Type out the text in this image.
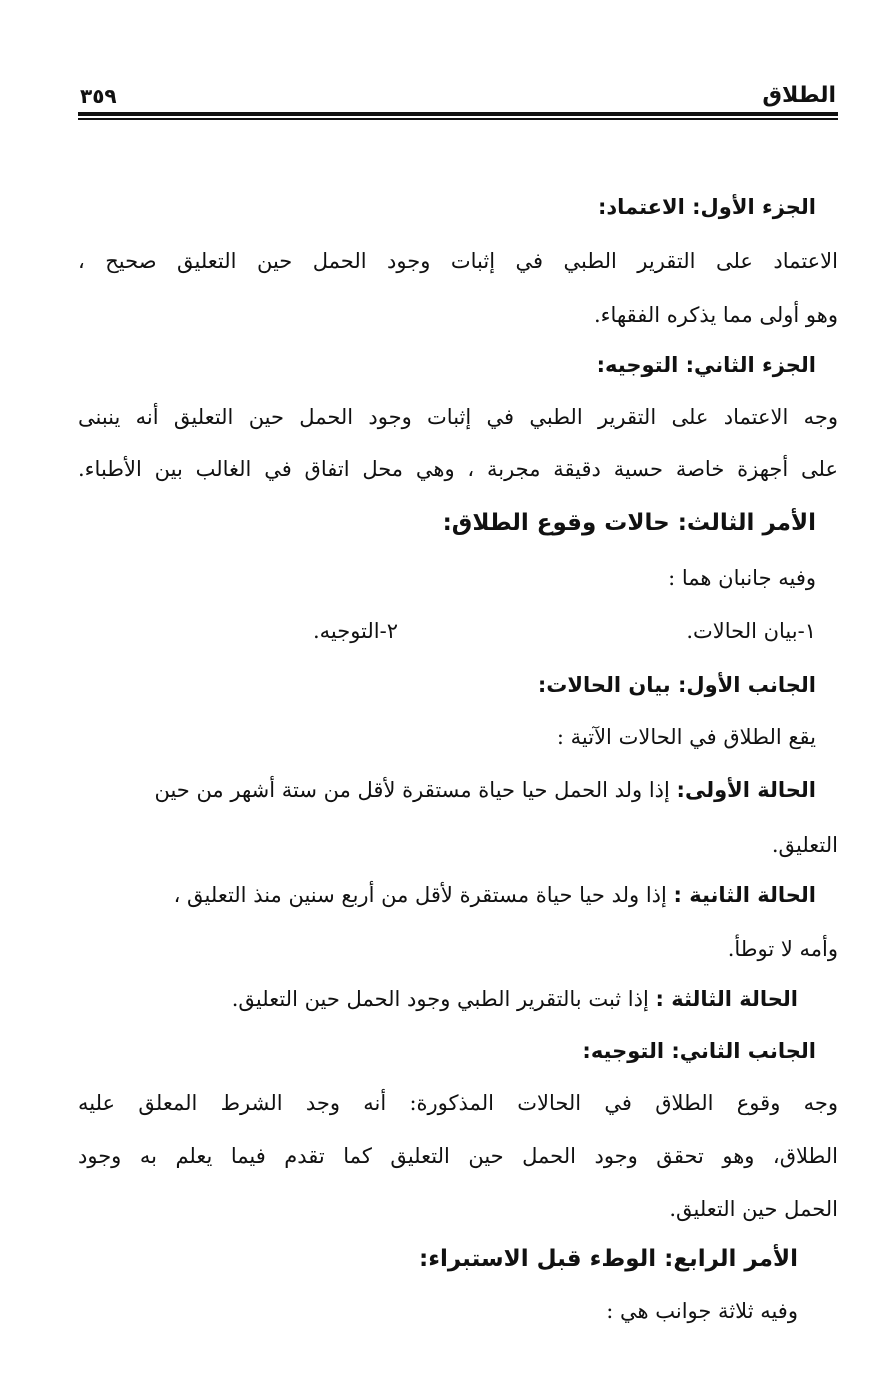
الطلاق
٣٥٩
الجزء الأول: الاعتماد:
الاعتماد على التقرير الطبي في إثبات وجود الحمل حين التعليق صحيح ،
وهو أولى مما يذكره الفقهاء.
الجزء الثاني: التوجيه:
وجه الاعتماد على التقرير الطبي في إثبات وجود الحمل حين التعليق أنه ينبنى
على أجهزة خاصة حسية دقيقة مجربة ، وهي محل اتفاق في الغالب بين الأطباء.
الأمر الثالث: حالات وقوع الطلاق:
وفيه جانبان هما :
١-بيان الحالات.
٢-التوجيه.
الجانب الأول: بيان الحالات:
يقع الطلاق في الحالات الآتية :
الحالة الأولى: إذا ولد الحمل حيا حياة مستقرة لأقل من ستة أشهر من حين
التعليق.
الحالة الثانية : إذا ولد حيا حياة مستقرة لأقل من أربع سنين منذ التعليق ،
وأمه لا توطأ.
الحالة الثالثة : إذا ثبت بالتقرير الطبي وجود الحمل حين التعليق.
الجانب الثاني: التوجيه:
وجه وقوع الطلاق في الحالات المذكورة: أنه وجد الشرط المعلق عليه
الطلاق، وهو تحقق وجود الحمل حين التعليق كما تقدم فيما يعلم به وجود
الحمل حين التعليق.
الأمر الرابع: الوطء قبل الاستبراء:
وفيه ثلاثة جوانب هي :
